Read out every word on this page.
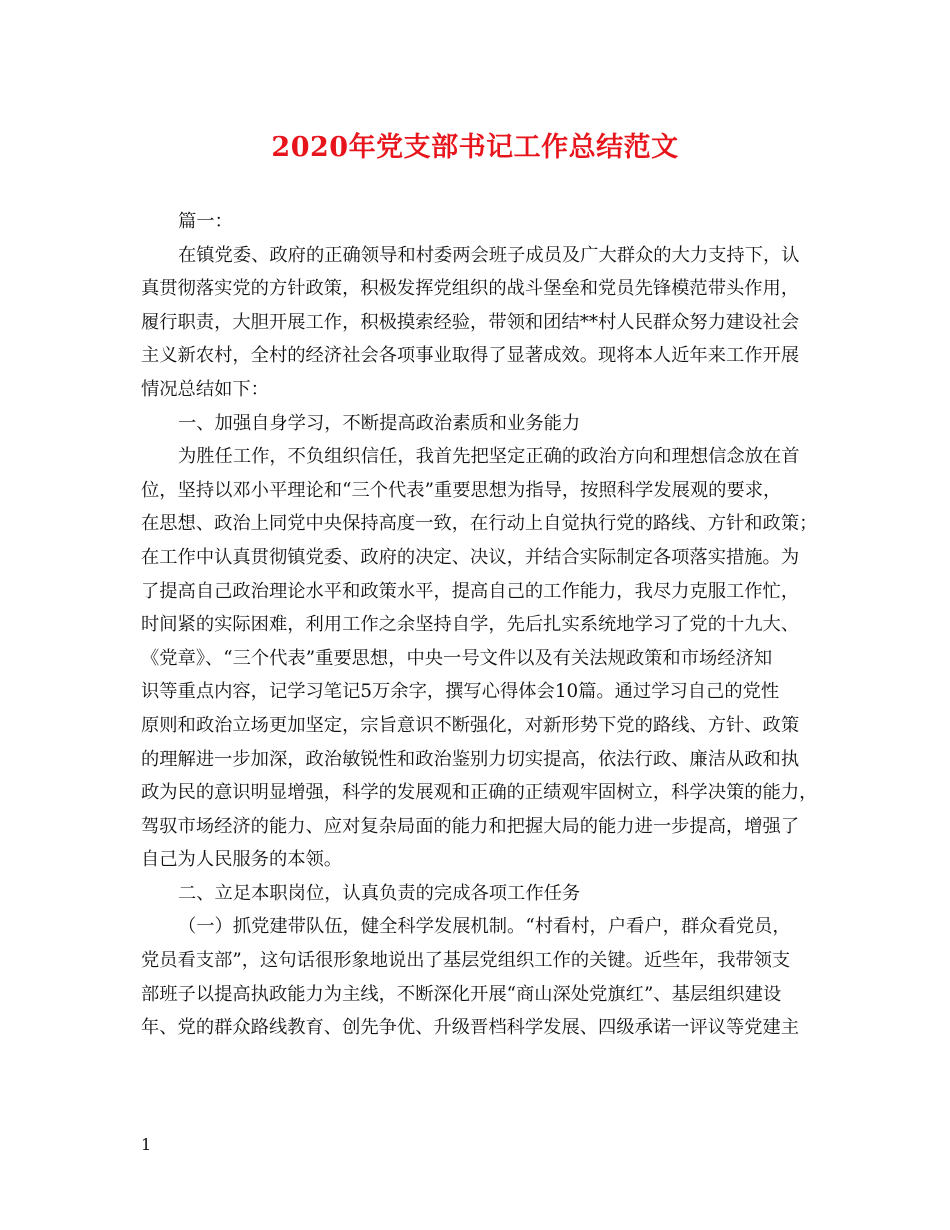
2020年党支部书记工作总结范文
篇一：
在镇党委、政府的正确领导和村委两会班子成员及广大群众的大力支持下，认
真贯彻落实党的方针政策，积极发挥党组织的战斗堡垒和党员先锋模范带头作用，
履行职责，大胆开展工作，积极摸索经验，带领和团结**村人民群众努力建设社会
主义新农村，全村的经济社会各项事业取得了显著成效。现将本人近年来工作开展
情况总结如下：
一、加强自身学习，不断提高政治素质和业务能力
为胜任工作，不负组织信任，我首先把坚定正确的政治方向和理想信念放在首
位，坚持以邓小平理论和“三个代表”重要思想为指导，按照科学发展观的要求，
在思想、政治上同党中央保持高度一致，在行动上自觉执行党的路线、方针和政策；
在工作中认真贯彻镇党委、政府的决定、决议，并结合实际制定各项落实措施。为
了提高自己政治理论水平和政策水平，提高自己的工作能力，我尽力克服工作忙，
时间紧的实际困难，利用工作之余坚持自学，先后扎实系统地学习了党的十九大、
《党章》、“三个代表”重要思想，中央一号文件以及有关法规政策和市场经济知
识等重点内容，记学习笔记5万余字，撰写心得体会10篇。通过学习自己的党性
原则和政治立场更加坚定，宗旨意识不断强化，对新形势下党的路线、方针、政策
的理解进一步加深，政治敏锐性和政治鉴别力切实提高，依法行政、廉洁从政和执
政为民的意识明显增强，科学的发展观和正确的正绩观牢固树立，科学决策的能力，
驾驭市场经济的能力、应对复杂局面的能力和把握大局的能力进一步提高，增强了
自己为人民服务的本领。
二、立足本职岗位，认真负责的完成各项工作任务
（一）抓党建带队伍，健全科学发展机制。“村看村，户看户，群众看党员，
党员看支部”，这句话很形象地说出了基层党组织工作的关键。近些年，我带领支
部班子以提高执政能力为主线，不断深化开展“商山深处党旗红”、基层组织建设
年、党的群众路线教育、创先争优、升级晋档科学发展、四级承诺一评议等党建主
1
